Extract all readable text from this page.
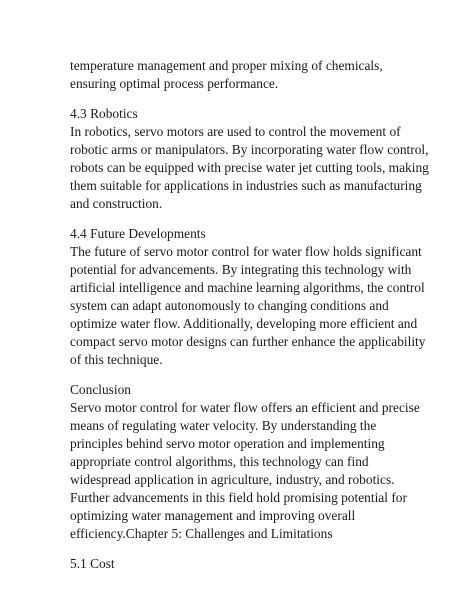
temperature management and proper mixing of chemicals,
ensuring optimal process performance.
4.3 Robotics
In robotics, servo motors are used to control the movement of
robotic arms or manipulators. By incorporating water flow control,
robots can be equipped with precise water jet cutting tools, making
them suitable for applications in industries such as manufacturing
and construction.
4.4 Future Developments
The future of servo motor control for water flow holds significant
potential for advancements. By integrating this technology with
artificial intelligence and machine learning algorithms, the control
system can adapt autonomously to changing conditions and
optimize water flow. Additionally, developing more efficient and
compact servo motor designs can further enhance the applicability
of this technique.
Conclusion
Servo motor control for water flow offers an efficient and precise
means of regulating water velocity. By understanding the
principles behind servo motor operation and implementing
appropriate control algorithms, this technology can find
widespread application in agriculture, industry, and robotics.
Further advancements in this field hold promising potential for
optimizing water management and improving overall
efficiency.Chapter 5: Challenges and Limitations
5.1 Cost
